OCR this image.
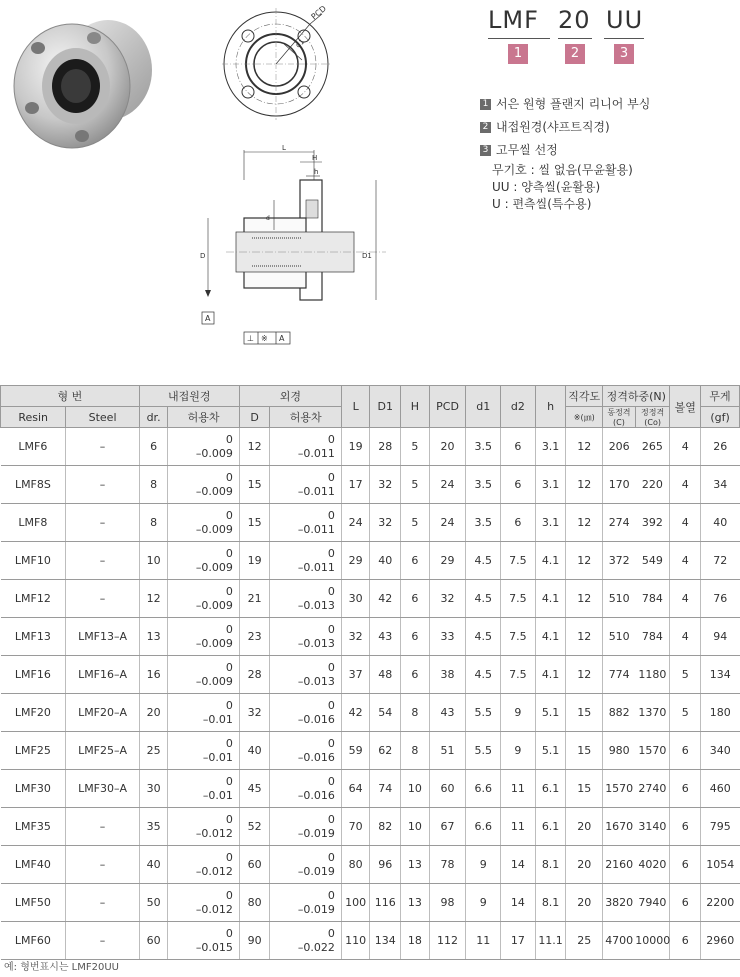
PCD
d1
L
H
h
D	D1
d
A
⊥ ※ A
LMF 20 UU
1	2	3
1 서은 원형 플랜지 리니어 부싱
2 내접원경(샤프트직경)
3 고무씰 선정
무기호 : 씰 없음(무윤활용)
UU : 양측씰(윤활용)
U : 편측씰(특수용)
형 번		내접원경		외경		L	D1	H	PCD	d1	d2	h	직각도	정격하중(N)		볼열	무게
Resin	Steel	dr.	허용차	D	허용차								※(㎛)	동정격(C)	정정격(Co)		(gf)
LMF6	–	6	0
–0.009	12	0
–0.011	19	28	5	20	3.5	6	3.1	12	206	265	4	26
LMF8S	–	8	0
–0.009	15	0
–0.011	17	32	5	24	3.5	6	3.1	12	170	220	4	34
LMF8	–	8	0
–0.009	15	0
–0.011	24	32	5	24	3.5	6	3.1	12	274	392	4	40
LMF10	–	10	0
–0.009	19	0
–0.011	29	40	6	29	4.5	7.5	4.1	12	372	549	4	72
LMF12	–	12	0
–0.009	21	0
–0.013	30	42	6	32	4.5	7.5	4.1	12	510	784	4	76
LMF13	LMF13–A	13	0
–0.009	23	0
–0.013	32	43	6	33	4.5	7.5	4.1	12	510	784	4	94
LMF16	LMF16–A	16	0
–0.009	28	0
–0.013	37	48	6	38	4.5	7.5	4.1	12	774	1180	5	134
LMF20	LMF20–A	20	0
–0.01	32	0
–0.016	42	54	8	43	5.5	9	5.1	15	882	1370	5	180
LMF25	LMF25–A	25	0
–0.01	40	0
–0.016	59	62	8	51	5.5	9	5.1	15	980	1570	6	340
LMF30	LMF30–A	30	0
–0.01	45	0
–0.016	64	74	10	60	6.6	11	6.1	15	1570	2740	6	460
LMF35	–	35	0
–0.012	52	0
–0.019	70	82	10	67	6.6	11	6.1	20	1670	3140	6	795
LMF40	–	40	0
–0.012	60	0
–0.019	80	96	13	78	9	14	8.1	20	2160	4020	6	1054
LMF50	–	50	0
–0.012	80	0
–0.019	100	116	13	98	9	14	8.1	20	3820	7940	6	2200
LMF60	–	60	0
–0.015	90	0
–0.022	110	134	18	112	11	17	11.1	25	4700	10000	6	2960
예: 형번표시는 LMF20UU
